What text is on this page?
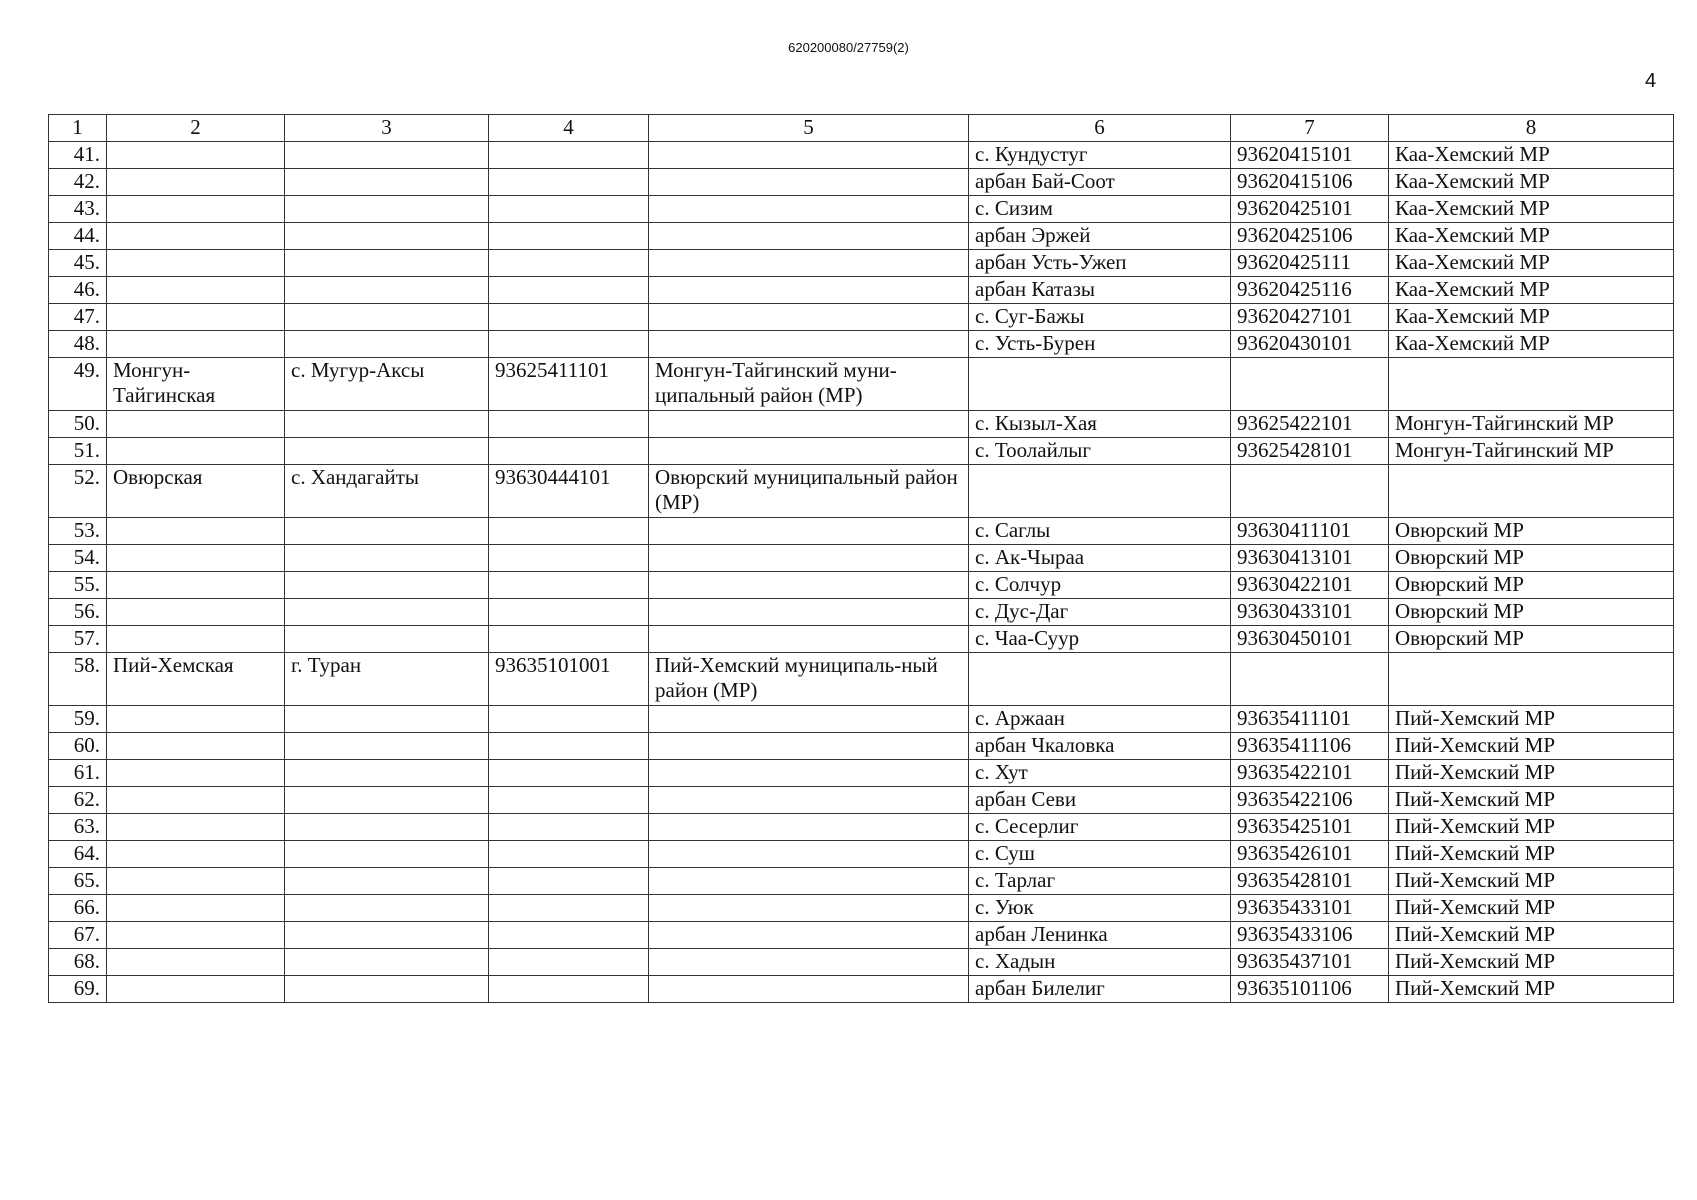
620200080/27759(2)
4
1	2	3	4	5	6	7	8
41.					с. Кундустуг	93620415101	Каа-Хемский МР
42.					арбан Бай-Соот	93620415106	Каа-Хемский МР
43.					с. Сизим	93620425101	Каа-Хемский МР
44.					арбан Эржей	93620425106	Каа-Хемский МР
45.					арбан Усть-Ужеп	93620425111	Каа-Хемский МР
46.					арбан Катазы	93620425116	Каа-Хемский МР
47.					с. Суг-Бажы	93620427101	Каа-Хемский МР
48.					с. Усть-Бурен	93620430101	Каа-Хемский МР
49.	Монгун-Тайгинская	с. Мугур-Аксы	93625411101	Монгун-Тайгинский муни-ципальный район (МР)			
50.					с. Кызыл-Хая	93625422101	Монгун-Тайгинский МР
51.					с. Тоолайлыг	93625428101	Монгун-Тайгинский МР
52.	Овюрская	с. Хандагайты	93630444101	Овюрский муниципальный район (МР)			
53.					с. Саглы	93630411101	Овюрский МР
54.					с. Ак-Чыраа	93630413101	Овюрский МР
55.					с. Солчур	93630422101	Овюрский МР
56.					с. Дус-Даг	93630433101	Овюрский МР
57.					с. Чаа-Суур	93630450101	Овюрский МР
58.	Пий-Хемская	г. Туран	93635101001	Пий-Хемский муниципаль-ный район (МР)			
59.					с. Аржаан	93635411101	Пий-Хемский МР
60.					арбан Чкаловка	93635411106	Пий-Хемский МР
61.					с. Хут	93635422101	Пий-Хемский МР
62.					арбан Севи	93635422106	Пий-Хемский МР
63.					с. Сесерлиг	93635425101	Пий-Хемский МР
64.					с. Суш	93635426101	Пий-Хемский МР
65.					с. Тарлаг	93635428101	Пий-Хемский МР
66.					с. Уюк	93635433101	Пий-Хемский МР
67.					арбан Ленинка	93635433106	Пий-Хемский МР
68.					с. Хадын	93635437101	Пий-Хемский МР
69.					арбан Билелиг	93635101106	Пий-Хемский МР
